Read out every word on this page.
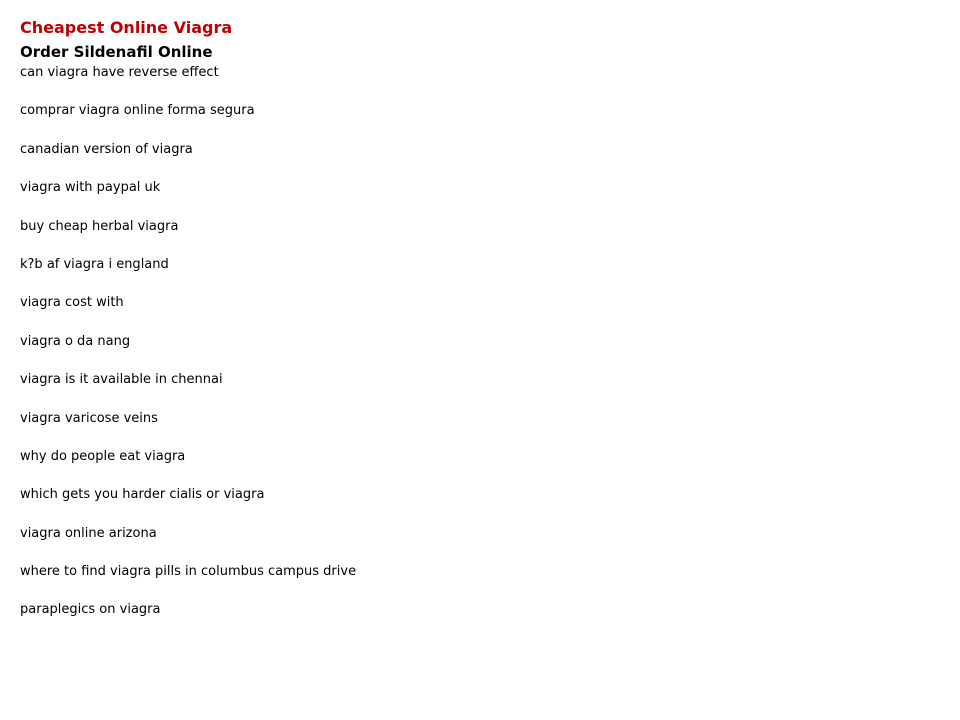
Cheapest Online Viagra
Order Sildenafil Online
can viagra have reverse effect
comprar viagra online forma segura
canadian version of viagra
viagra with paypal uk
buy cheap herbal viagra
k?b af viagra i england
viagra cost with
viagra o da nang
viagra is it available in chennai
viagra varicose veins
why do people eat viagra
which gets you harder cialis or viagra
viagra online arizona
where to find viagra pills in columbus campus drive
paraplegics on viagra
